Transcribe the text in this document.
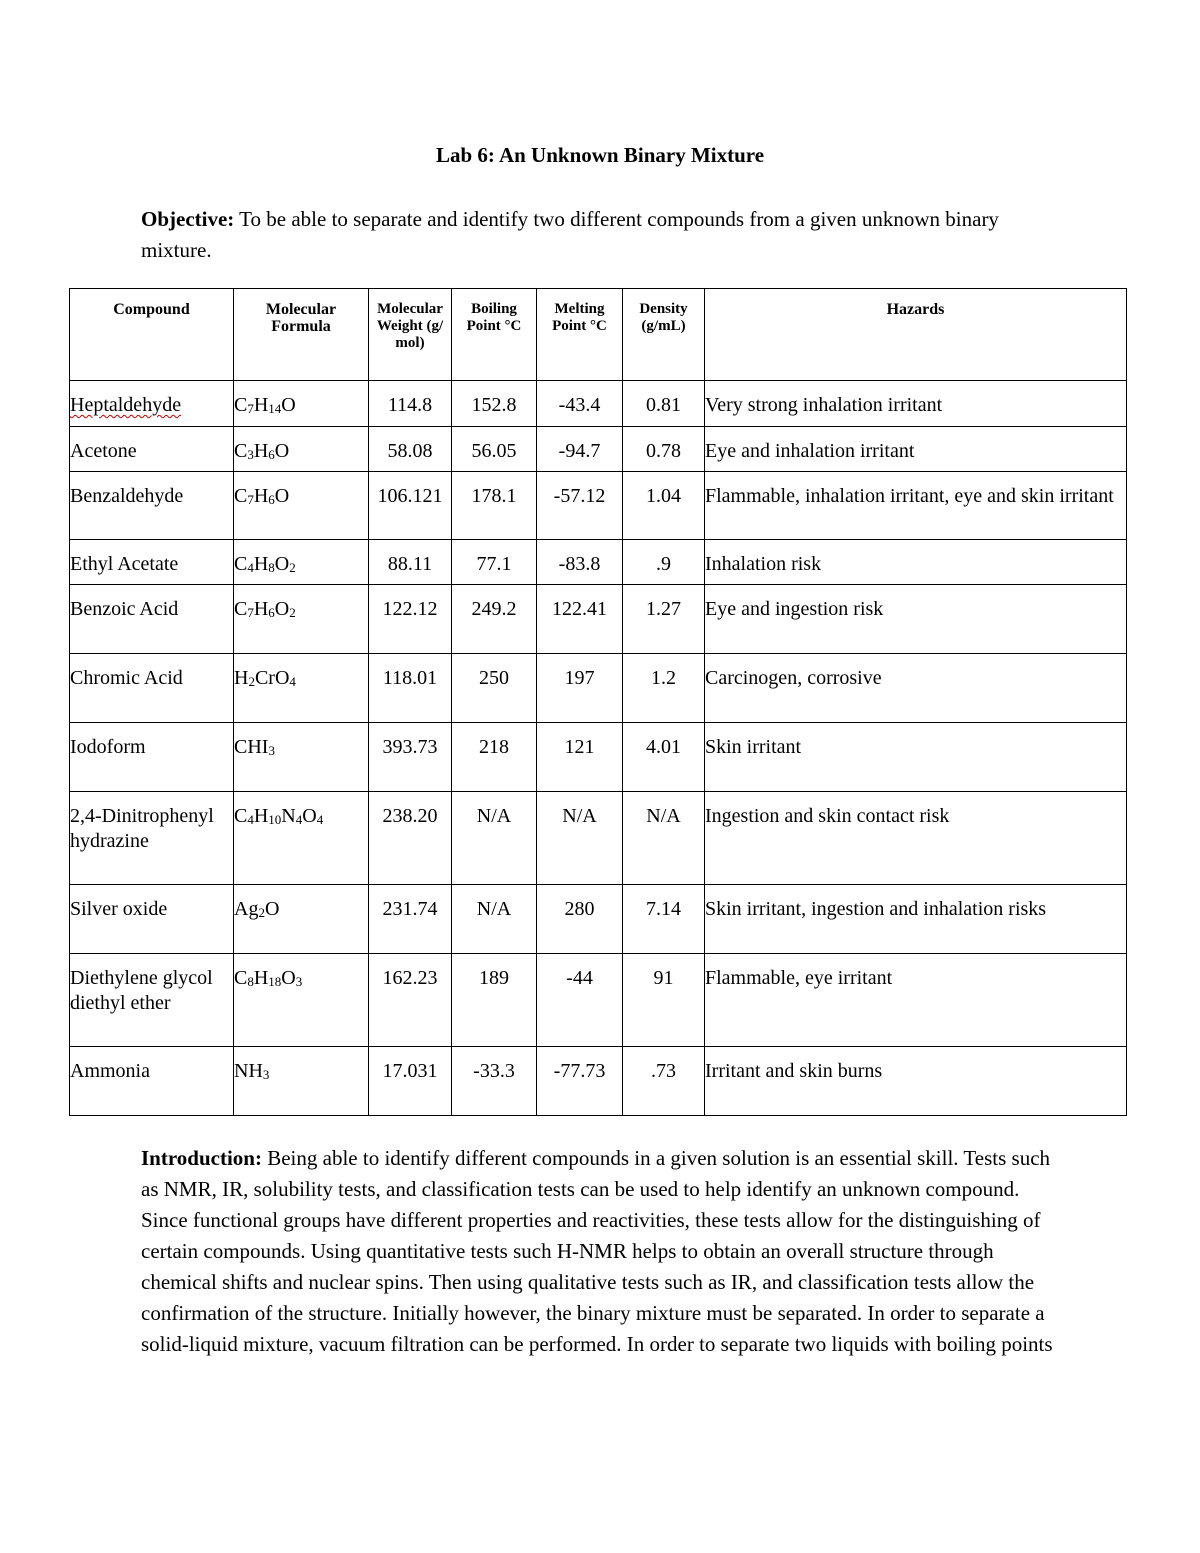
Lab 6: An Unknown Binary Mixture
Objective: To be able to separate and identify two different compounds from a given unknown binary mixture.
Compound	Molecular Formula	Molecular Weight (g/mol)	Boiling Point °C	Melting Point °C	Density (g/mL)	Hazards
Heptaldehyde	$C_7H_{14}O$	114.8	152.8	-43.4	0.81	Very strong inhalation irritant
Acetone	$C_3H_6O$	58.08	56.05	-94.7	0.78	Eye and inhalation irritant
Benzaldehyde	$C_7H_6O$	106.121	178.1	-57.12	1.04	Flammable, inhalation irritant, eye and skin irritant
Ethyl Acetate	$C_4H_8O_2$	88.11	77.1	-83.8	.9	Inhalation risk
Benzoic Acid	$C_7H_6O_2$	122.12	249.2	122.41	1.27	Eye and ingestion risk
Chromic Acid	$H_2CrO_4$	118.01	250	197	1.2	Carcinogen, corrosive
Iodoform	$CHI_3$	393.73	218	121	4.01	Skin irritant
2,4-Dinitrophenyl hydrazine	$C_4H_{10}N_4O_4$	238.20	N/A	N/A	N/A	Ingestion and skin contact risk
Silver oxide	$Ag_2O$	231.74	N/A	280	7.14	Skin irritant, ingestion and inhalation risks
Diethylene glycol diethyl ether	$C_8H_{18}O_3$	162.23	189	-44	91	Flammable, eye irritant
Ammonia	$NH_3$	17.031	-33.3	-77.73	.73	Irritant and skin burns
Introduction: Being able to identify different compounds in a given solution is an essential skill. Tests such as NMR, IR, solubility tests, and classification tests can be used to help identify an unknown compound. Since functional groups have different properties and reactivities, these tests allow for the distinguishing of certain compounds. Using quantitative tests such H-NMR helps to obtain an overall structure through chemical shifts and nuclear spins. Then using qualitative tests such as IR, and classification tests allow the confirmation of the structure. Initially however, the binary mixture must be separated. In order to separate a solid-liquid mixture, vacuum filtration can be performed. In order to separate two liquids with boiling points
